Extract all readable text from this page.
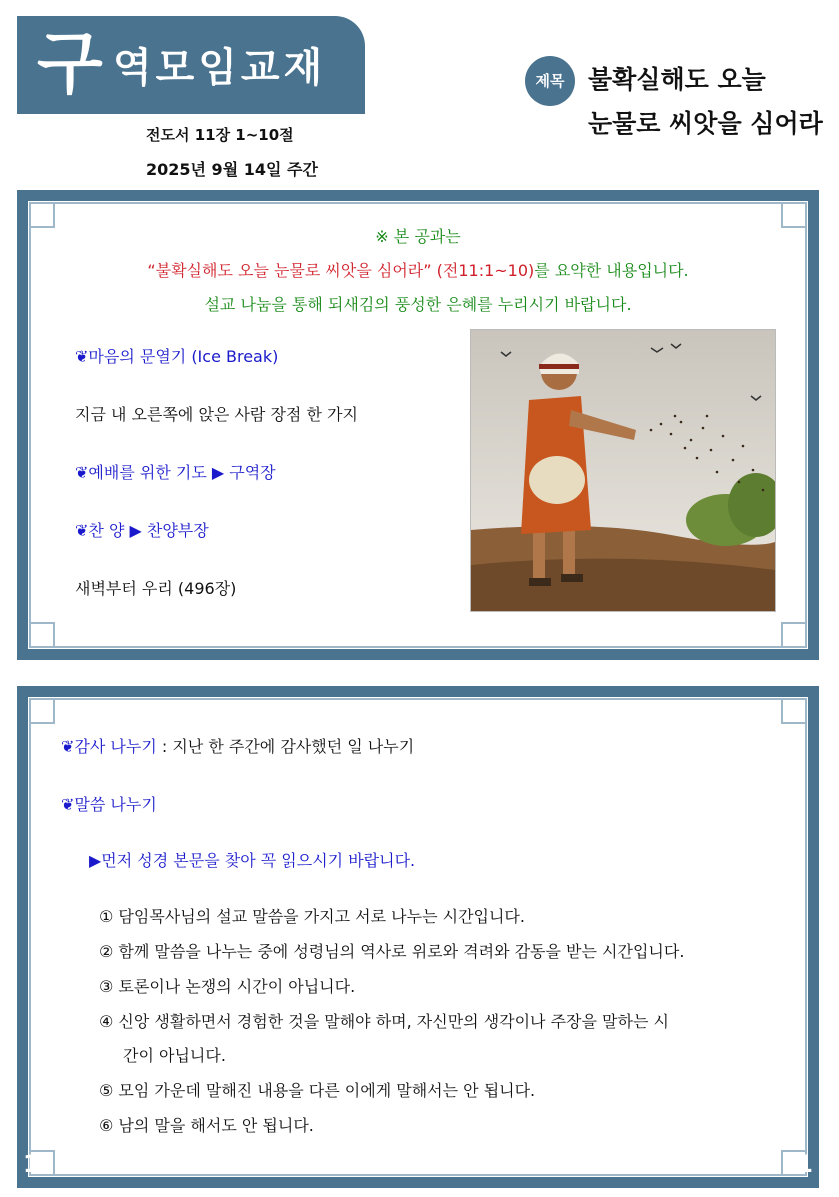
구 역모임교재
전도서 11장 1~10절
2025년 9월 14일 주간
제목 불확실해도 오늘
눈물로 씨앗을 심어라
※ 본 공과는
“불확실해도 오늘 눈물로 씨앗을 심어라” (전11:1~10)를 요약한 내용입니다.
설교 나눔을 통해 되새김의 풍성한 은혜를 누리시기 바랍니다.
❦마음의 문열기 (Ice Break)
지금 내 오른쪽에 앉은 사람 장점 한 가지
❦예배를 위한 기도 ▶ 구역장
❦찬 양 ▶ 찬양부장
새벽부터 우리 (496장)
❦감사 나누기 : 지난 한 주간에 감사했던 일 나누기
❦말씀 나누기
▶먼저 성경 본문을 찾아 꼭 읽으시기 바랍니다.
① 담임목사님의 설교 말씀을 가지고 서로 나누는 시간입니다.
② 함께 말씀을 나누는 중에 성령님의 역사로 위로와 격려와 감동을 받는 시간입니다.
③ 토론이나 논쟁의 시간이 아닙니다.
④ 신앙 생활하면서 경험한 것을 말해야 하며, 자신만의 생각이나 주장을 말하는 시
간이 아닙니다.
⑤ 모임 가운데 말해진 내용을 다른 이에게 말해서는 안 됩니다.
⑥ 남의 말을 해서도 안 됩니다.
1	1
